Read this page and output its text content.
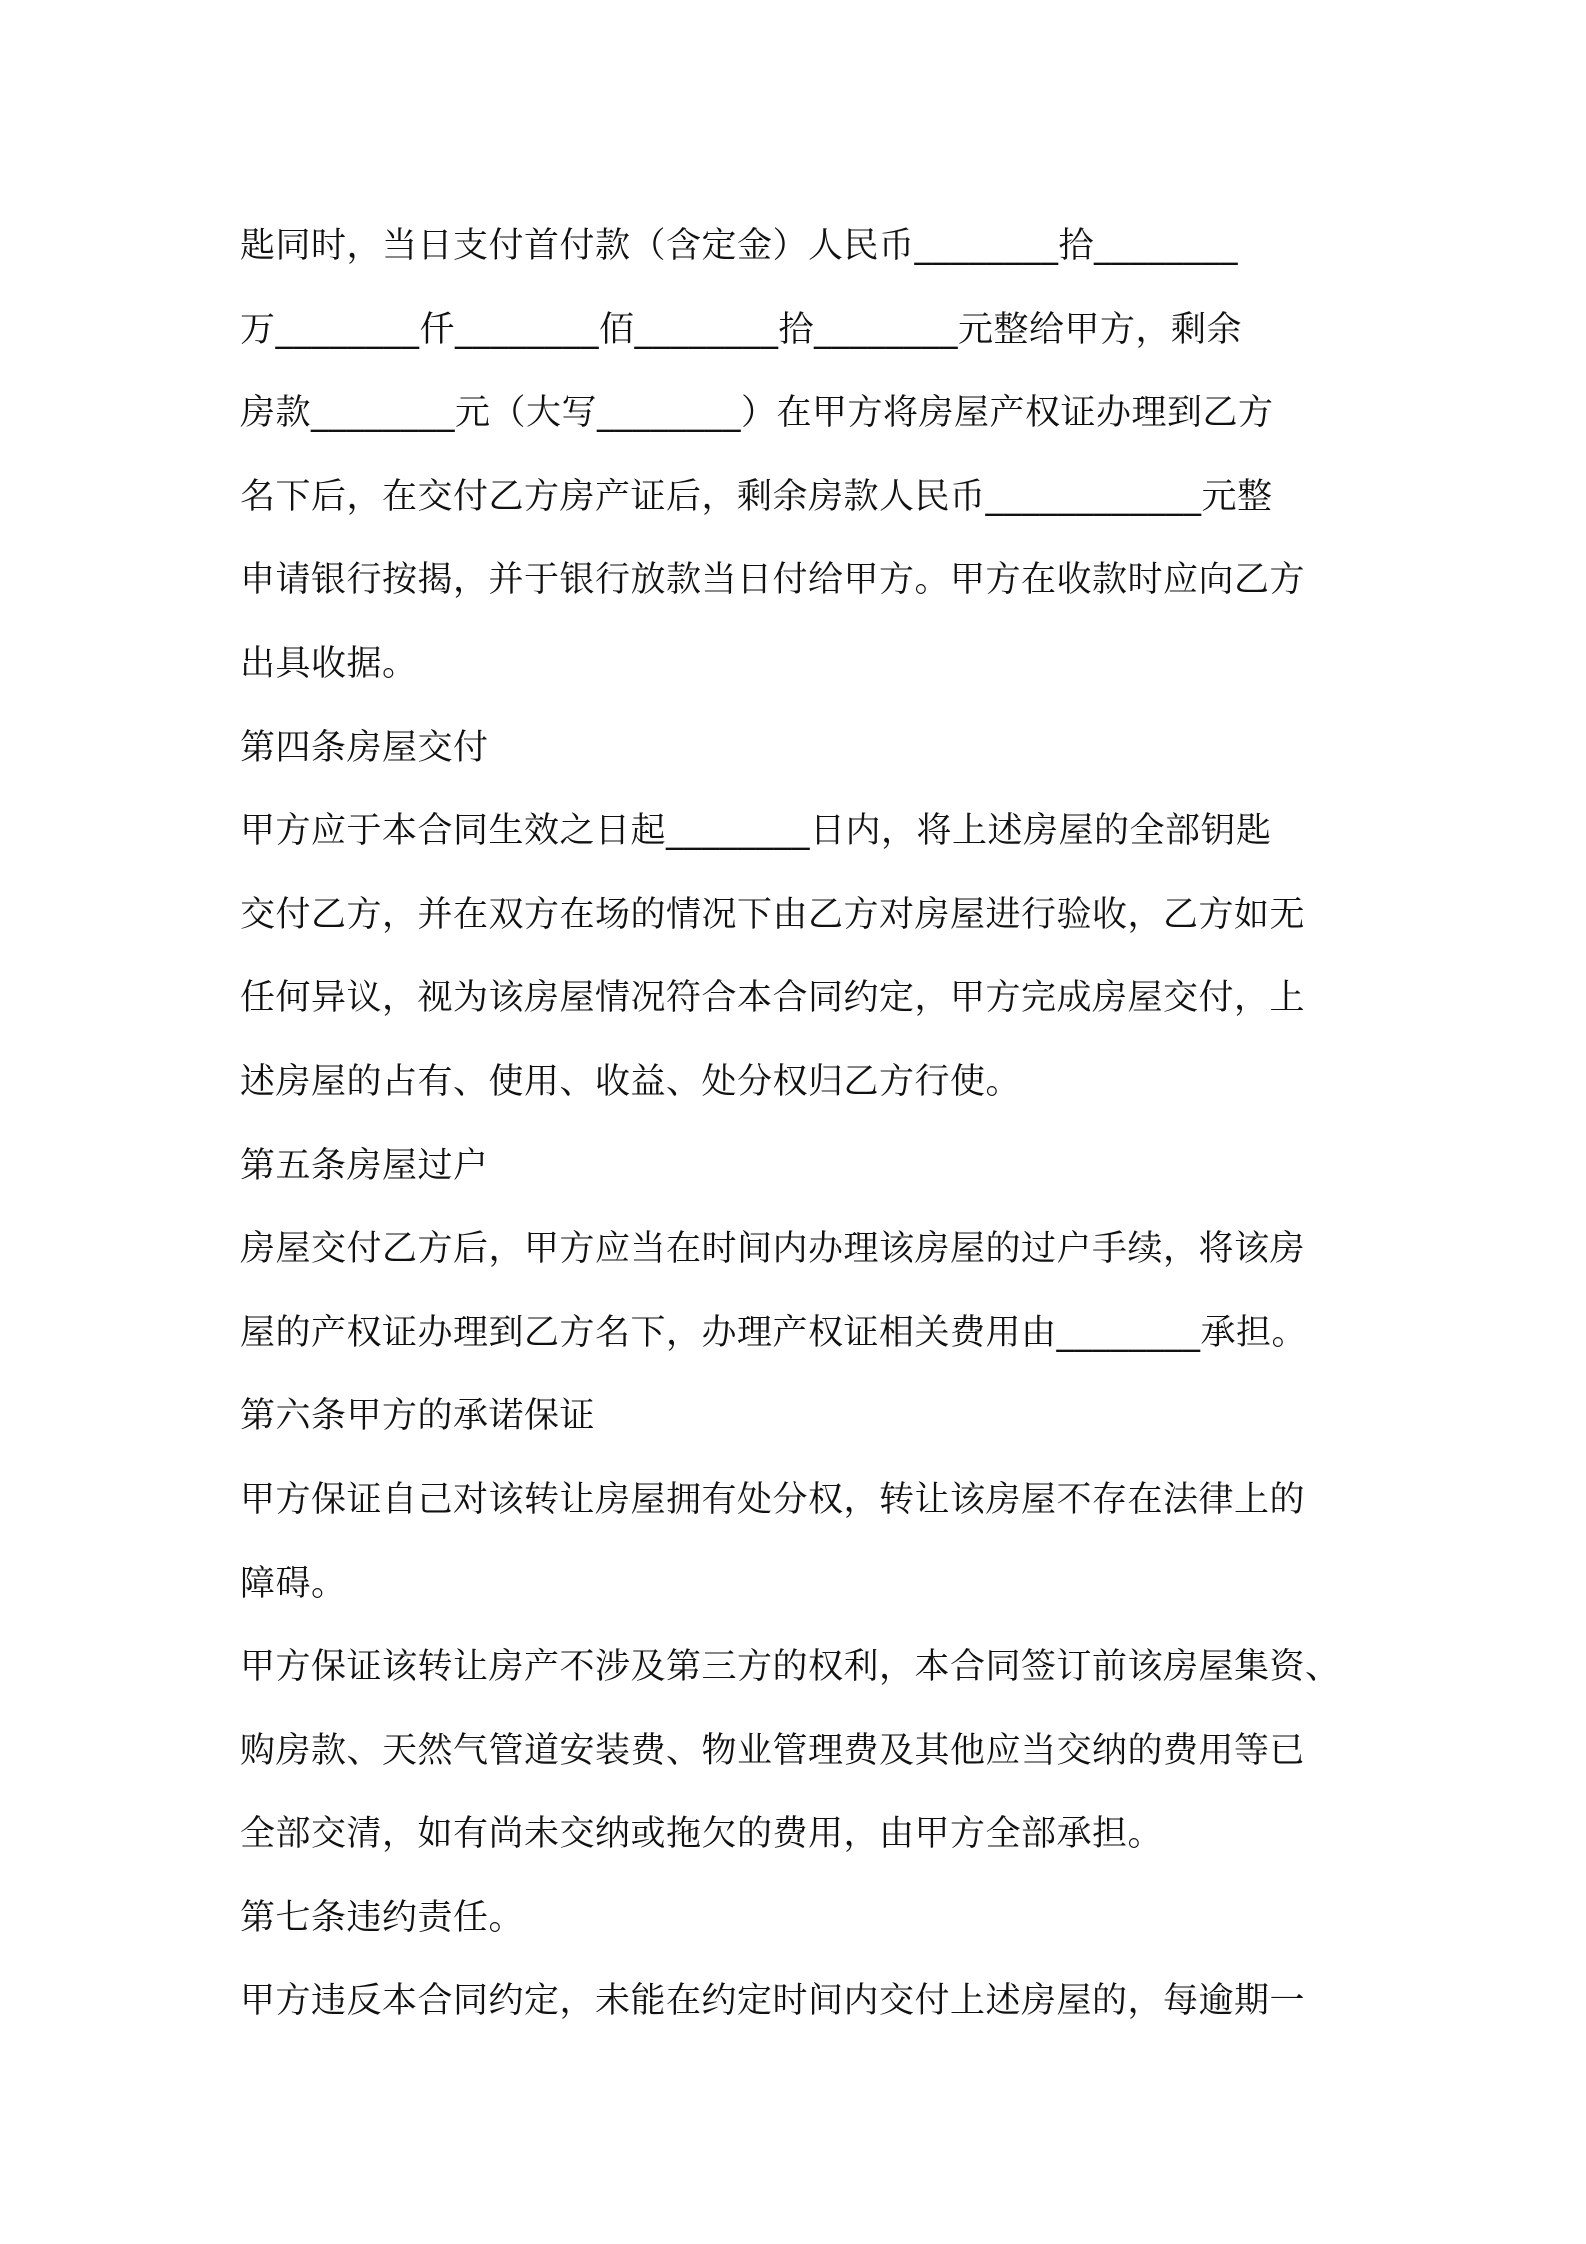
匙同时，当日支付首付款（含定金）人民币________拾________
万________仟________佰________拾________元整给甲方，剩余
房款________元（大写________）在甲方将房屋产权证办理到乙方
名下后，在交付乙方房产证后，剩余房款人民币____________元整
申请银行按揭，并于银行放款当日付给甲方。甲方在收款时应向乙方
出具收据。
第四条房屋交付
甲方应于本合同生效之日起________日内，将上述房屋的全部钥匙
交付乙方，并在双方在场的情况下由乙方对房屋进行验收，乙方如无
任何异议，视为该房屋情况符合本合同约定，甲方完成房屋交付，上
述房屋的占有、使用、收益、处分权归乙方行使。
第五条房屋过户
房屋交付乙方后，甲方应当在时间内办理该房屋的过户手续，将该房
屋的产权证办理到乙方名下，办理产权证相关费用由________承担。
第六条甲方的承诺保证
甲方保证自己对该转让房屋拥有处分权，转让该房屋不存在法律上的
障碍。
甲方保证该转让房产不涉及第三方的权利，本合同签订前该房屋集资、
购房款、天然气管道安装费、物业管理费及其他应当交纳的费用等已
全部交清，如有尚未交纳或拖欠的费用，由甲方全部承担。
第七条违约责任。
甲方违反本合同约定，未能在约定时间内交付上述房屋的，每逾期一
